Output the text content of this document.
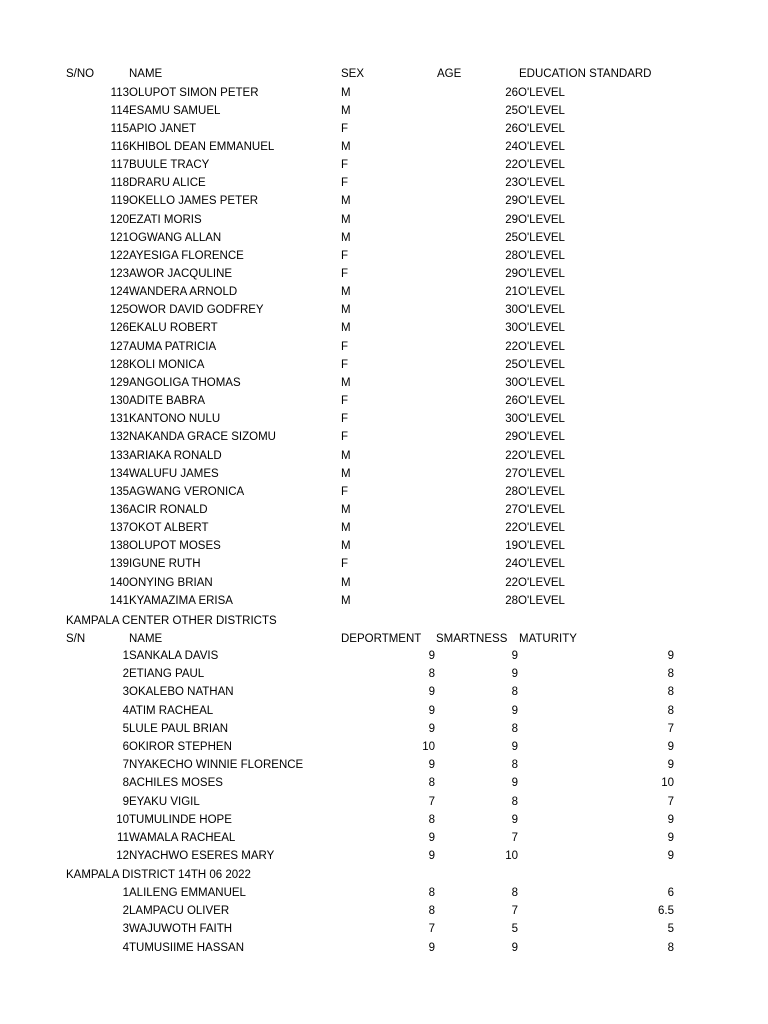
S/NO	NAME	SEX	AGE	EDUCATION STANDARD
113 OLUPOT SIMON PETER	M	26 O'LEVEL
114 ESAMU SAMUEL	M	25 O'LEVEL
115 APIO JANET	F	26 O'LEVEL
116 KHIBOL DEAN EMMANUEL	M	24 O'LEVEL
117 BUULE TRACY	F	22 O'LEVEL
118 DRARU ALICE	F	23 O'LEVEL
119 OKELLO JAMES PETER	M	29 O'LEVEL
120 EZATI MORIS	M	29 O'LEVEL
121 OGWANG ALLAN	M	25 O'LEVEL
122 AYESIGA FLORENCE	F	28 O'LEVEL
123 AWOR JACQULINE	F	29 O'LEVEL
124 WANDERA ARNOLD	M	21 O'LEVEL
125 OWOR DAVID GODFREY	M	30 O'LEVEL
126 EKALU ROBERT	M	30 O'LEVEL
127 AUMA PATRICIA	F	22 O'LEVEL
128 KOLI MONICA	F	25 O'LEVEL
129 ANGOLIGA THOMAS	M	30 O'LEVEL
130 ADITE BABRA	F	26 O'LEVEL
131 KANTONO NULU	F	30 O'LEVEL
132 NAKANDA GRACE SIZOMU	F	29 O'LEVEL
133 ARIAKA RONALD	M	22 O'LEVEL
134 WALUFU JAMES	M	27 O'LEVEL
135 AGWANG VERONICA	F	28 O'LEVEL
136 ACIR RONALD	M	27 O'LEVEL
137 OKOT ALBERT	M	22 O'LEVEL
138 OLUPOT MOSES	M	19 O'LEVEL
139 IGUNE RUTH	F	24 O'LEVEL
140 ONYING BRIAN	M	22 O'LEVEL
141 KYAMAZIMA ERISA	M	28 O'LEVEL
KAMPALA CENTER OTHER DISTRICTS
S/N	NAME	DEPORTMENT SMARTNESS MATURITY
1 SANKALA DAVIS	9	9	9
2 ETIANG PAUL	8	9	8
3 OKALEBO NATHAN	9	8	8
4 ATIM RACHEAL	9	9	8
5 LULE PAUL BRIAN	9	8	7
6 OKIROR STEPHEN	10	9	9
7 NYAKECHO WINNIE FLORENCE	9	8	9
8 ACHILES MOSES	8	9	10
9 EYAKU VIGIL	7	8	7
10 TUMULINDE HOPE	8	9	9
11 WAMALA RACHEAL	9	7	9
12 NYACHWO ESERES MARY	9	10	9
KAMPALA DISTRICT 14TH 06 2022
1 ALILENG EMMANUEL	8	8	6
2 LAMPACU OLIVER	8	7	6.5
3 WAJUWOTH FAITH	7	5	5
4 TUMUSIIME HASSAN	9	9	8
